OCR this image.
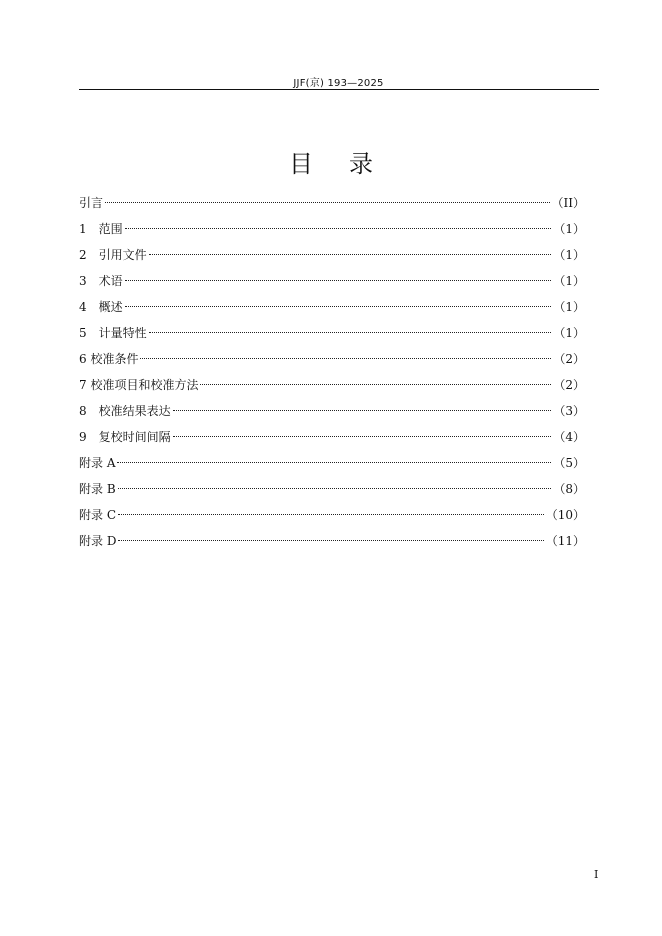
JJF(京) 193—2025
目 录
引言	（II）
1　范围	（1）
2　引用文件	（1）
3　术语	（1）
4　概述	（1）
5　计量特性	（1）
6 校准条件	（2）
7 校准项目和校准方法	（2）
8　校准结果表达	（3）
9　复校时间间隔	（4）
附录 A	（5）
附录 B	（8）
附录 C	（10）
附录 D	（11）
I
